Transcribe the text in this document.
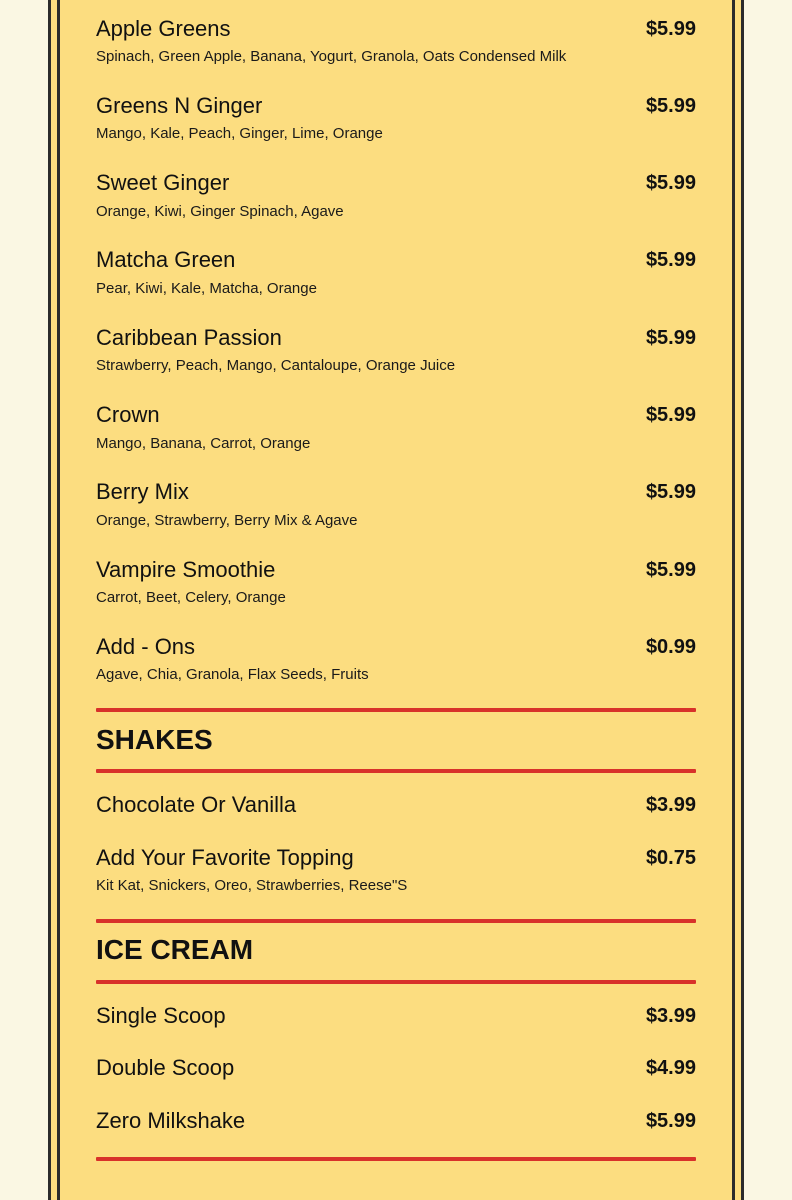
Apple Greens	$5.99
Spinach, Green Apple, Banana, Yogurt, Granola, Oats Condensed Milk
Greens N Ginger	$5.99
Mango, Kale, Peach, Ginger, Lime, Orange
Sweet Ginger	$5.99
Orange, Kiwi, Ginger Spinach, Agave
Matcha Green	$5.99
Pear, Kiwi, Kale, Matcha, Orange
Caribbean Passion	$5.99
Strawberry, Peach, Mango, Cantaloupe, Orange Juice
Crown	$5.99
Mango, Banana, Carrot, Orange
Berry Mix	$5.99
Orange, Strawberry, Berry Mix & Agave
Vampire Smoothie	$5.99
Carrot, Beet, Celery, Orange
Add - Ons	$0.99
Agave, Chia, Granola, Flax Seeds, Fruits
SHAKES
Chocolate Or Vanilla	$3.99
Add Your Favorite Topping	$0.75
Kit Kat, Snickers, Oreo, Strawberries, Reese"S
ICE CREAM
Single Scoop	$3.99
Double Scoop	$4.99
Zero Milkshake	$5.99
